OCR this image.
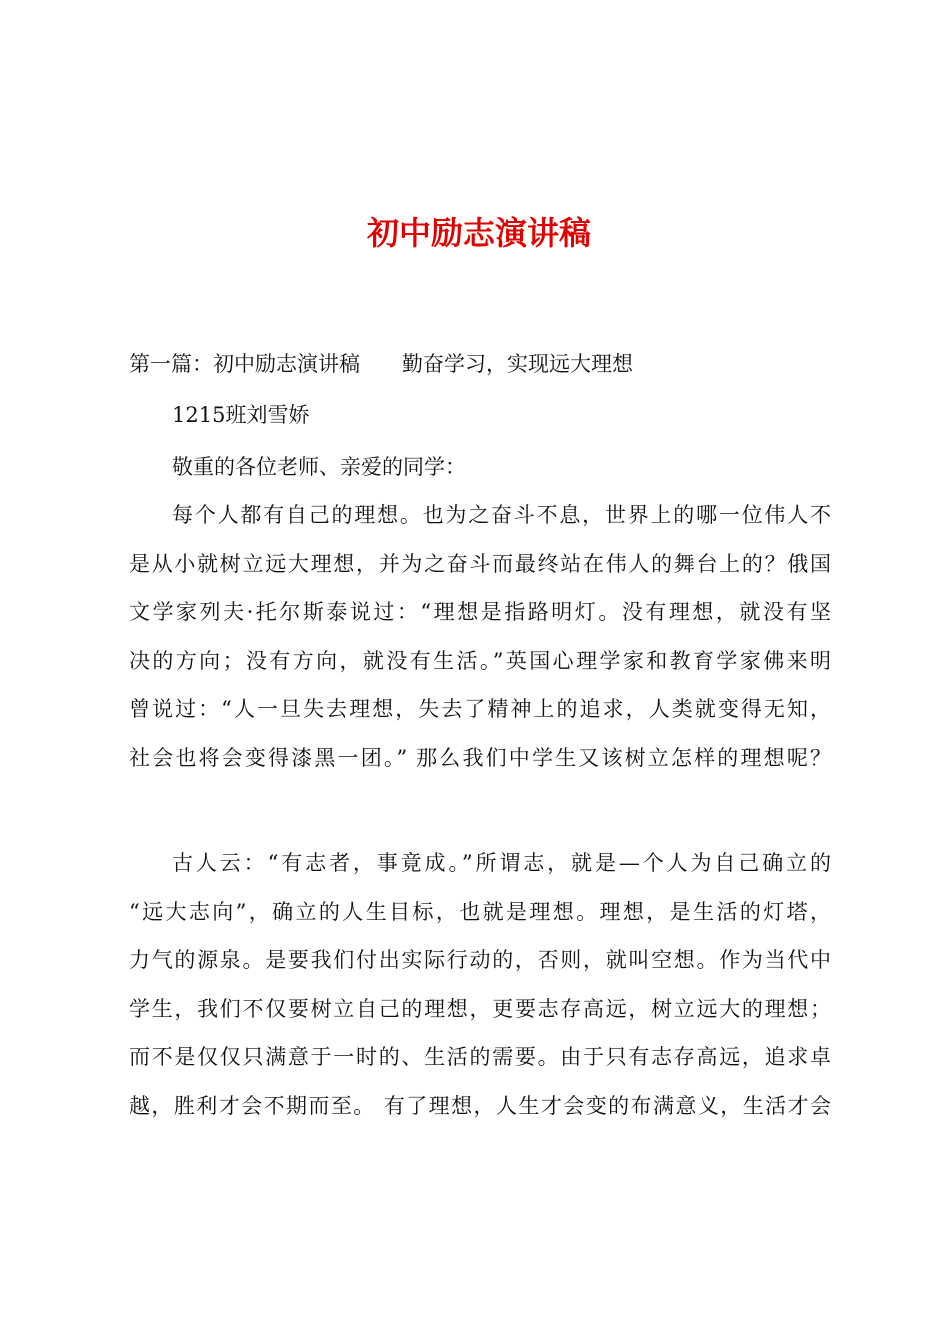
初中励志演讲稿
第一篇：初中励志演讲稿　　勤奋学习，实现远大理想
1215班刘雪娇
敬重的各位老师、亲爱的同学：
每个人都有自己的理想。也为之奋斗不息，世界上的哪一位伟人不
是从小就树立远大理想，并为之奋斗而最终站在伟人的舞台上的？俄国
文学家列夫·托尔斯泰说过：“理想是指路明灯。没有理想，就没有坚
决的方向；没有方向，就没有生活。”英国心理学家和教育学家佛来明
曾说过：“人一旦失去理想，失去了精神上的追求，人类就变得无知，
社会也将会变得漆黑一团。” 那么我们中学生又该树立怎样的理想呢？
古人云：“有志者，事竟成。”所谓志，就是—个人为自己确立的
“远大志向”，确立的人生目标，也就是理想。理想，是生活的灯塔，
力气的源泉。是要我们付出实际行动的，否则，就叫空想。作为当代中
学生，我们不仅要树立自己的理想，更要志存高远，树立远大的理想；
而不是仅仅只满意于一时的、生活的需要。由于只有志存高远，追求卓
越，胜利才会不期而至。 有了理想，人生才会变的布满意义，生活才会
